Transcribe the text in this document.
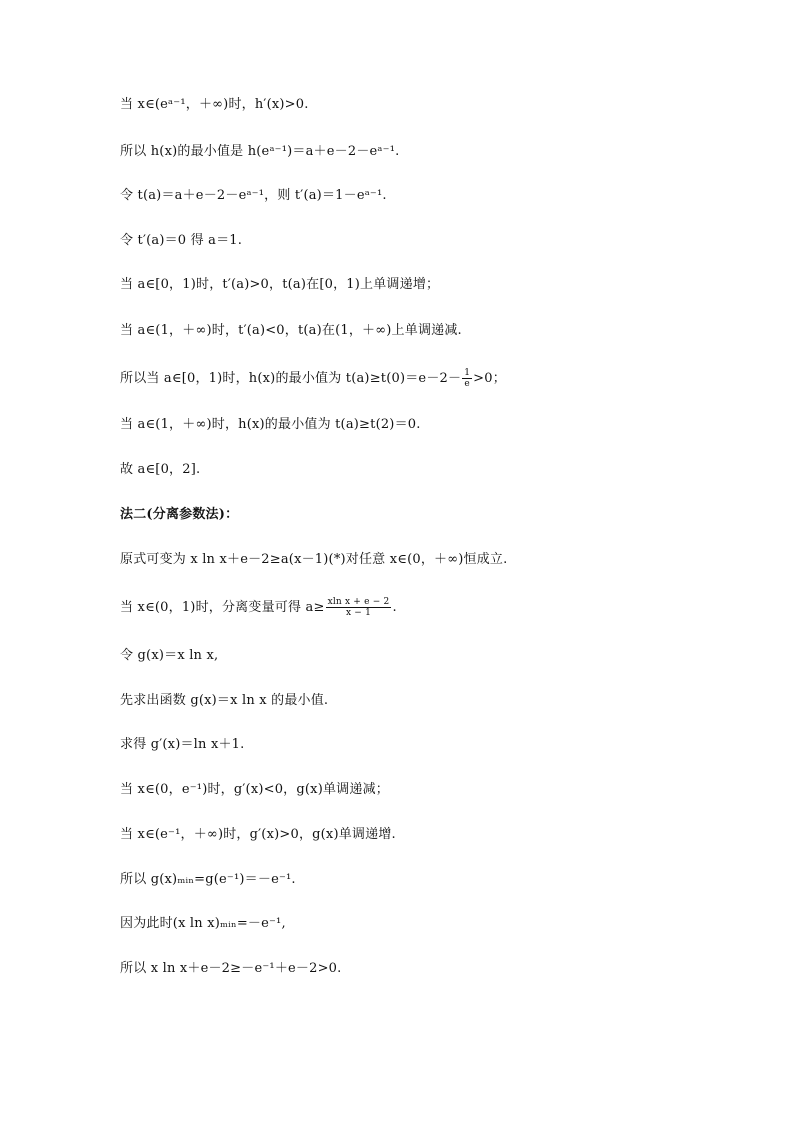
当 x∈(eᵃ⁻¹，＋∞)时，h′(x)>0.
所以 h(x)的最小值是 h(eᵃ⁻¹)＝a＋e－2－eᵃ⁻¹.
令 t(a)＝a＋e－2－eᵃ⁻¹，则 t′(a)＝1－eᵃ⁻¹.
令 t′(a)＝0 得 a＝1.
当 a∈[0，1)时，t′(a)>0，t(a)在[0，1)上单调递增；
当 a∈(1，＋∞)时，t′(a)<0，t(a)在(1，＋∞)上单调递减.
所以当 a∈[0，1)时，h(x)的最小值为 $t(a)\ge t(0)=e-2- \frac{1}{e} >0$；
当 a∈(1，＋∞)时，h(x)的最小值为 t(a)≥t(2)＝0.
故 a∈[0，2].
法二(分离参数法)：
原式可变为 x ln x＋e－2≥a(x－1)(*)对任意 x∈(0，＋∞)恒成立.
当 x∈(0，1)时，分离变量可得 $a\ge \frac{\text{xln x + e − 2}}{x - 1}$ .
令 g(x)＝x ln x,
先求出函数 g(x)＝x ln x 的最小值.
求得 g′(x)＝ln x＋1.
当 x∈(0，e⁻¹)时，g′(x)<0，g(x)单调递减；
当 x∈(e⁻¹，＋∞)时，g′(x)>0，g(x)单调递增.
所以 g(x)ₘᵢₙ=g(e⁻¹)＝－e⁻¹.
因为此时(x ln x)ₘᵢₙ=－e⁻¹,
所以 x ln x＋e－2≥－e⁻¹＋e－2>0.
